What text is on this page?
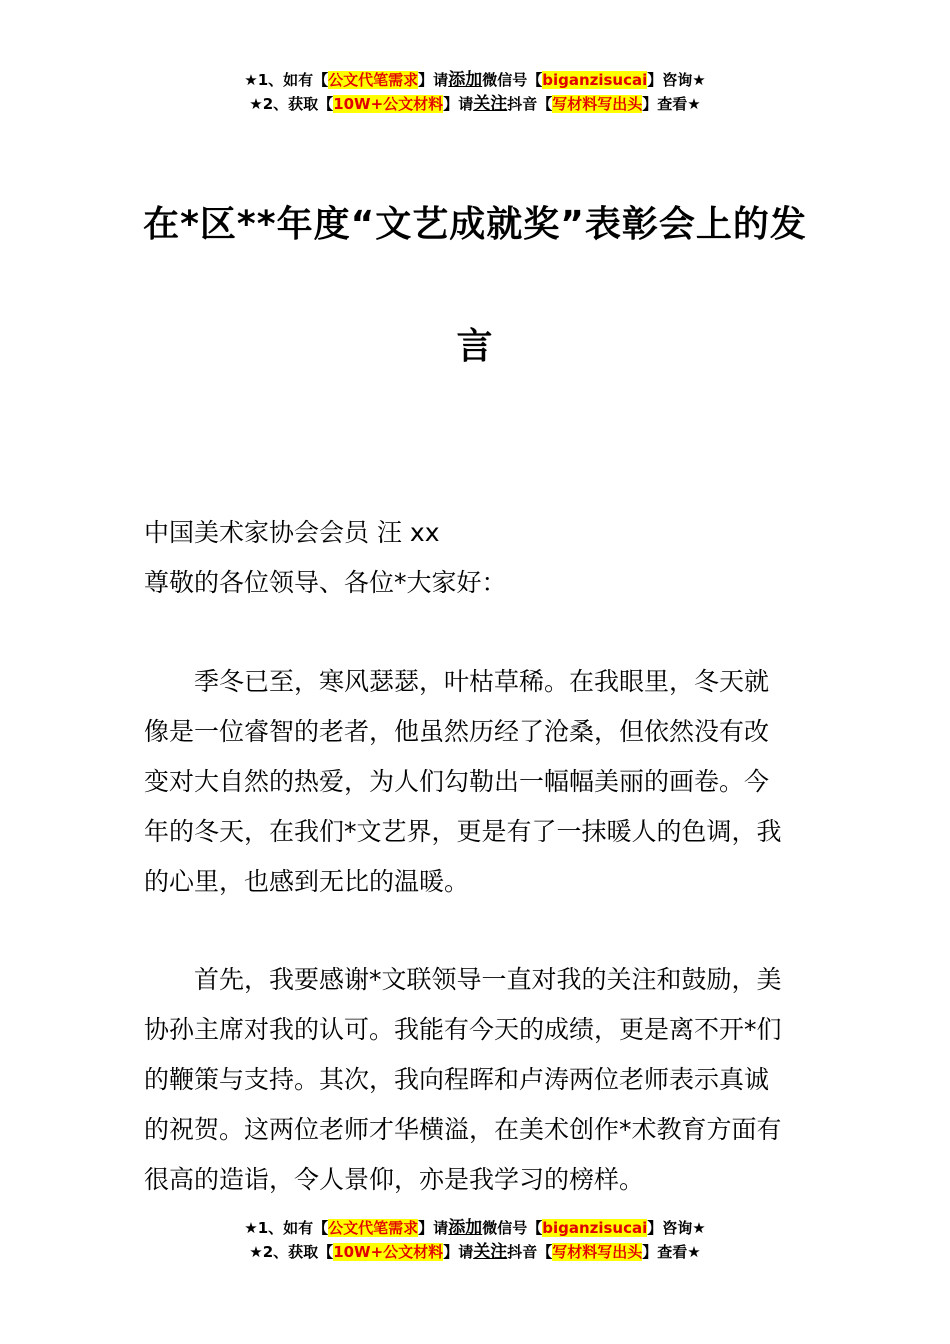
★1、如有【公文代笔需求】请添加微信号【biganzisucai】咨询★
★2、获取【10W+公文材料】请关注抖音【写材料写出头】查看★
在*区**年度“文艺成就奖”表彰会上的发
言
中国美术家协会会员 汪 xx
尊敬的各位领导、各位*大家好：
季冬已至，寒风瑟瑟，叶枯草稀。在我眼里，冬天就
像是一位睿智的老者，他虽然历经了沧桑，但依然没有改
变对大自然的热爱，为人们勾勒出一幅幅美丽的画卷。今
年的冬天，在我们*文艺界，更是有了一抹暖人的色调，我
的心里，也感到无比的温暖。
首先，我要感谢*文联领导一直对我的关注和鼓励，美
协孙主席对我的认可。我能有今天的成绩，更是离不开*们
的鞭策与支持。其次，我向程晖和卢涛两位老师表示真诚
的祝贺。这两位老师才华横溢，在美术创作*术教育方面有
很高的造诣，令人景仰，亦是我学习的榜样。
★1、如有【公文代笔需求】请添加微信号【biganzisucai】咨询★
★2、获取【10W+公文材料】请关注抖音【写材料写出头】查看★
